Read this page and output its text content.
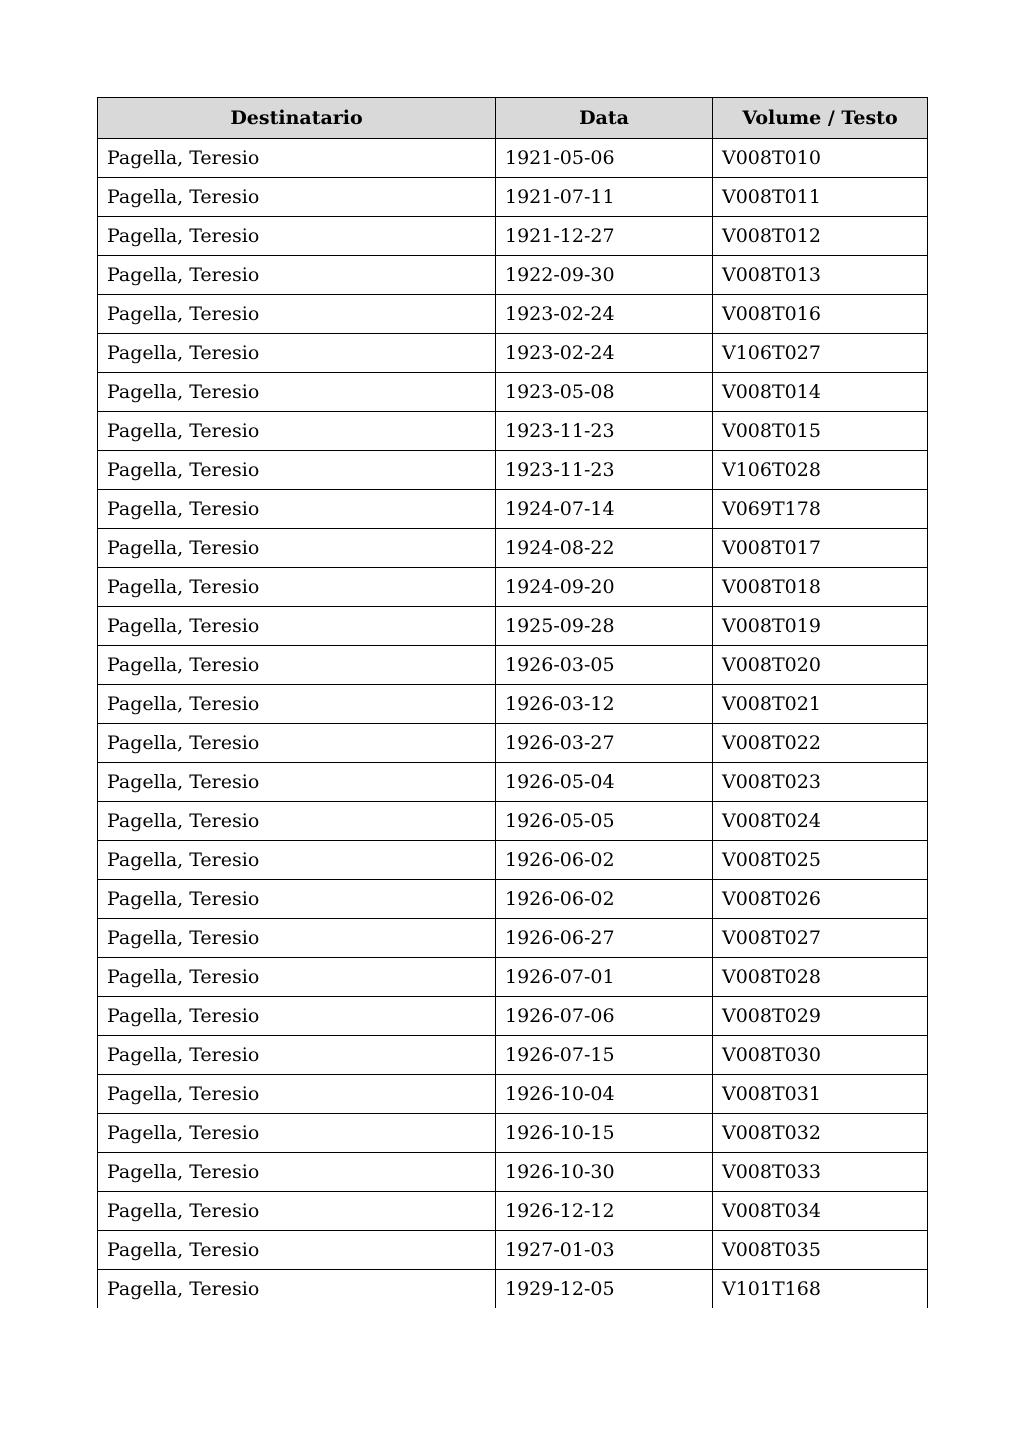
Destinatario	Data	Volume / Testo
Pagella, Teresio	1921-05-06	V008T010
Pagella, Teresio	1921-07-11	V008T011
Pagella, Teresio	1921-12-27	V008T012
Pagella, Teresio	1922-09-30	V008T013
Pagella, Teresio	1923-02-24	V008T016
Pagella, Teresio	1923-02-24	V106T027
Pagella, Teresio	1923-05-08	V008T014
Pagella, Teresio	1923-11-23	V008T015
Pagella, Teresio	1923-11-23	V106T028
Pagella, Teresio	1924-07-14	V069T178
Pagella, Teresio	1924-08-22	V008T017
Pagella, Teresio	1924-09-20	V008T018
Pagella, Teresio	1925-09-28	V008T019
Pagella, Teresio	1926-03-05	V008T020
Pagella, Teresio	1926-03-12	V008T021
Pagella, Teresio	1926-03-27	V008T022
Pagella, Teresio	1926-05-04	V008T023
Pagella, Teresio	1926-05-05	V008T024
Pagella, Teresio	1926-06-02	V008T025
Pagella, Teresio	1926-06-02	V008T026
Pagella, Teresio	1926-06-27	V008T027
Pagella, Teresio	1926-07-01	V008T028
Pagella, Teresio	1926-07-06	V008T029
Pagella, Teresio	1926-07-15	V008T030
Pagella, Teresio	1926-10-04	V008T031
Pagella, Teresio	1926-10-15	V008T032
Pagella, Teresio	1926-10-30	V008T033
Pagella, Teresio	1926-12-12	V008T034
Pagella, Teresio	1927-01-03	V008T035
Pagella, Teresio	1929-12-05	V101T168
